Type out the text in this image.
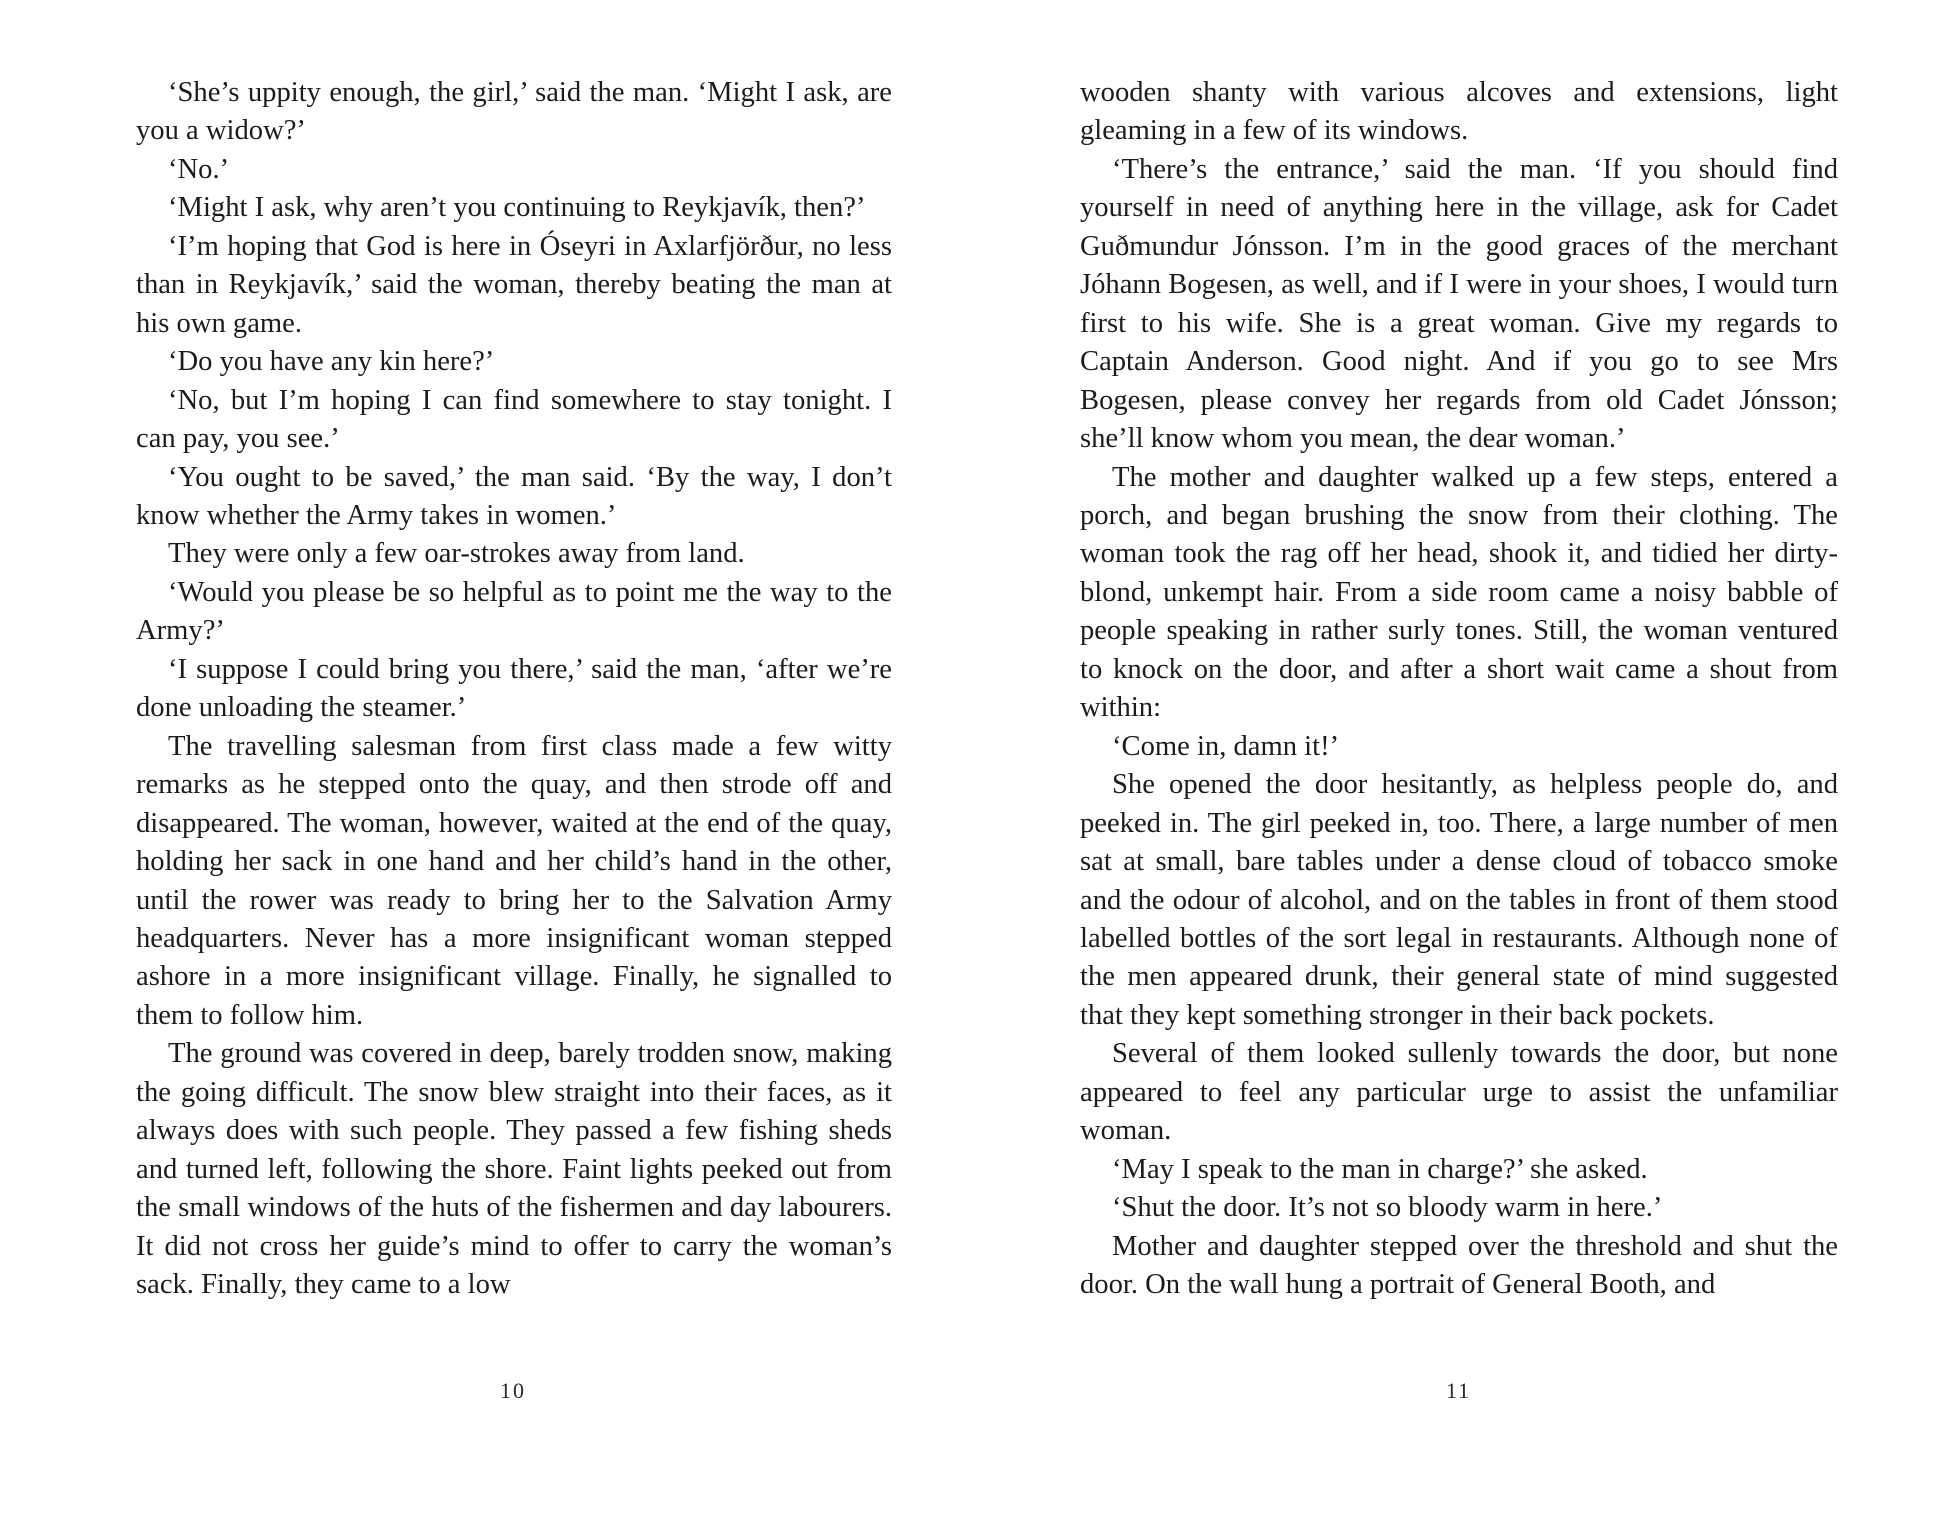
‘She’s uppity enough, the girl,’ said the man. ‘Might I ask, are you a widow?’

‘No.’

‘Might I ask, why aren’t you continuing to Reykjavík, then?’

‘I’m hoping that God is here in Óseyri in Axlarfjörður, no less than in Reykjavík,’ said the woman, thereby beating the man at his own game.

‘Do you have any kin here?’

‘No, but I’m hoping I can find somewhere to stay tonight. I can pay, you see.’

‘You ought to be saved,’ the man said. ‘By the way, I don’t know whether the Army takes in women.’

They were only a few oar-strokes away from land.

‘Would you please be so helpful as to point me the way to the Army?’

‘I suppose I could bring you there,’ said the man, ‘after we’re done unloading the steamer.’

The travelling salesman from first class made a few witty remarks as he stepped onto the quay, and then strode off and disappeared. The woman, however, waited at the end of the quay, holding her sack in one hand and her child’s hand in the other, until the rower was ready to bring her to the Salvation Army headquarters. Never has a more insignificant woman stepped ashore in a more insignificant village. Finally, he signalled to them to follow him.

The ground was covered in deep, barely trodden snow, making the going difficult. The snow blew straight into their faces, as it always does with such people. They passed a few fishing sheds and turned left, following the shore. Faint lights peeked out from the small windows of the huts of the fishermen and day labourers. It did not cross her guide’s mind to offer to carry the woman’s sack. Finally, they came to a low

10

wooden shanty with various alcoves and extensions, light gleaming in a few of its windows.

‘There’s the entrance,’ said the man. ‘If you should find yourself in need of anything here in the village, ask for Cadet Guðmundur Jónsson. I’m in the good graces of the merchant Jóhann Bogesen, as well, and if I were in your shoes, I would turn first to his wife. She is a great woman. Give my regards to Captain Anderson. Good night. And if you go to see Mrs Bogesen, please convey her regards from old Cadet Jónsson; she’ll know whom you mean, the dear woman.’

The mother and daughter walked up a few steps, entered a porch, and began brushing the snow from their clothing. The woman took the rag off her head, shook it, and tidied her dirty-blond, unkempt hair. From a side room came a noisy babble of people speaking in rather surly tones. Still, the woman ventured to knock on the door, and after a short wait came a shout from within:

‘Come in, damn it!’

She opened the door hesitantly, as helpless people do, and peeked in. The girl peeked in, too. There, a large number of men sat at small, bare tables under a dense cloud of tobacco smoke and the odour of alcohol, and on the tables in front of them stood labelled bottles of the sort legal in restaurants. Although none of the men appeared drunk, their general state of mind suggested that they kept something stronger in their back pockets.

Several of them looked sullenly towards the door, but none appeared to feel any particular urge to assist the unfamiliar woman.

‘May I speak to the man in charge?’ she asked.

‘Shut the door. It’s not so bloody warm in here.’

Mother and daughter stepped over the threshold and shut the door. On the wall hung a portrait of General Booth, and

11
